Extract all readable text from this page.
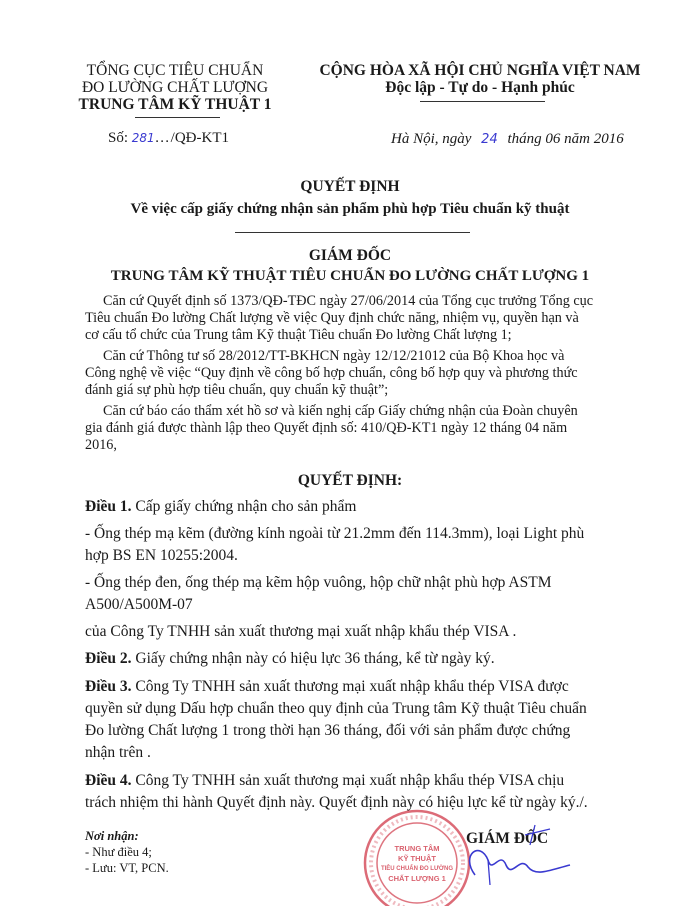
TỔNG CỤC TIÊU CHUẨN
ĐO LƯỜNG CHẤT LƯỢNG
TRUNG TÂM KỸ THUẬT 1
CỘNG HÒA XÃ HỘI CHỦ NGHĨA VIỆT NAM
Độc lập - Tự do - Hạnh phúc
Số: 281…/QĐ-KT1	Hà Nội, ngày 24 tháng 06 năm 2016
QUYẾT ĐỊNH
Về việc cấp giấy chứng nhận sản phẩm phù hợp Tiêu chuẩn kỹ thuật
GIÁM ĐỐC
TRUNG TÂM KỸ THUẬT TIÊU CHUẨN ĐO LƯỜNG CHẤT LƯỢNG 1
Căn cứ Quyết định số 1373/QĐ-TĐC ngày 27/06/2014 của Tổng cục trưởng Tổng cục
Tiêu chuẩn Đo lường Chất lượng về việc Quy định chức năng, nhiệm vụ, quyền hạn và
cơ cấu tổ chức của Trung tâm Kỹ thuật Tiêu chuẩn Đo lường Chất lượng 1;
Căn cứ Thông tư số 28/2012/TT-BKHCN ngày 12/12/21012 của Bộ Khoa học và
Công nghệ về việc “Quy định về công bố hợp chuẩn, công bố hợp quy và phương thức
đánh giá sự phù hợp tiêu chuẩn, quy chuẩn kỹ thuật”;
Căn cứ báo cáo thẩm xét hồ sơ và kiến nghị cấp Giấy chứng nhận của Đoàn chuyên
gia đánh giá được thành lập theo Quyết định số: 410/QĐ-KT1 ngày 12 tháng 04 năm
2016,
QUYẾT ĐỊNH:
Điều 1. Cấp giấy chứng nhận cho sản phẩm
- Ống thép mạ kẽm (đường kính ngoài từ 21.2mm đến 114.3mm), loại Light phù
hợp BS EN 10255:2004.
- Ống thép đen, ống thép mạ kẽm hộp vuông, hộp chữ nhật phù hợp ASTM
A500/A500M-07
của Công Ty TNHH sản xuất thương mại xuất nhập khẩu thép VISA .
Điều 2. Giấy chứng nhận này có hiệu lực 36 tháng, kể từ ngày ký.
Điều 3. Công Ty TNHH sản xuất thương mại xuất nhập khẩu thép VISA được
quyền sử dụng Dấu hợp chuẩn theo quy định của Trung tâm Kỹ thuật Tiêu chuẩn
Đo lường Chất lượng 1 trong thời hạn 36 tháng, đối với sản phẩm được chứng
nhận trên .
Điều 4. Công Ty TNHH sản xuất thương mại xuất nhập khẩu thép VISA chịu
trách nhiệm thi hành Quyết định này. Quyết định này có hiệu lực kể từ ngày ký./.
Nơi nhận:
- Như điều 4;
- Lưu: VT, PCN.
TRUNG TÂM
KỸ THUẬT
TIÊU CHUẨN ĐO LƯỜNG
CHẤT LƯỢNG 1
GIÁM ĐỐC
